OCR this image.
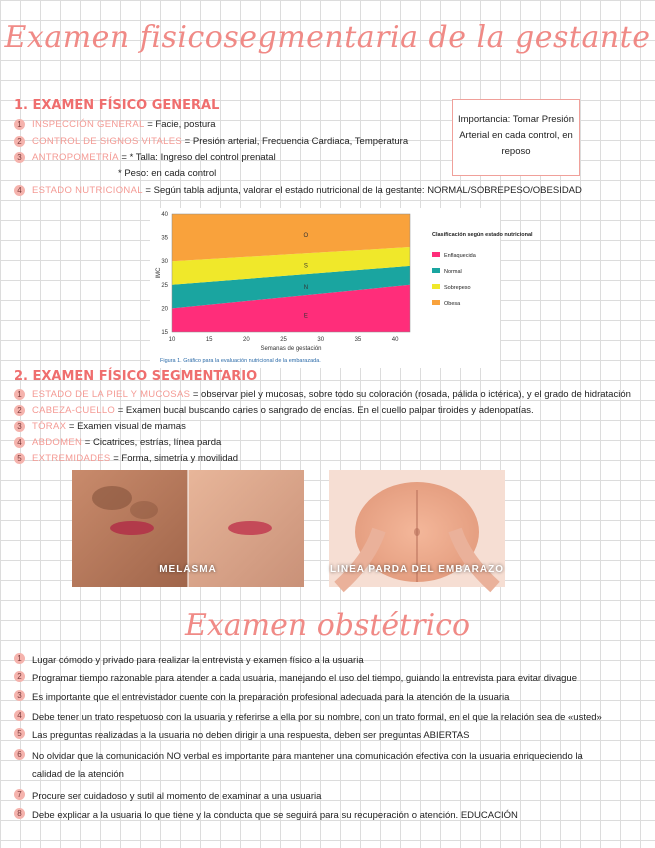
Examen fisicosegmentaria de la gestante
1. EXAMEN FÍSICO GENERAL
1	INSPECCIÓN GENERAL = Facie, postura
2	CONTROL DE SIGNOS VITALES = Presión arterial, Frecuencia Cardiaca, Temperatura
3	ANTROPOMETRÍA = * Talla: Ingreso del control prenatal
* Peso: en cada control
4	ESTADO NUTRICIONAL = Según tabla adjunta, valorar el estado nutricional de la gestante: NORMAL/SOBREPESO/OBESIDAD
Importancia: Tomar Presión Arterial en cada control, en reposo
E
N
S
O
10	15	20	25	30	35	40
15
20
25
30
35
40
Semanas de gestación
IMC
Figura 1. Gráfico para la evaluación nutricional de la embarazada.
Clasificación según estado nutricional
Enflaquecida
Normal
Sobrepeso
Obesa
2. EXAMEN FÍSICO SEGMENTARIO
1	ESTADO DE LA PIEL Y MUCOSAS = observar piel y mucosas, sobre todo su coloración (rosada, pálida o ictérica), y el grado de hidratación
2	CABEZA-CUELLO = Examen bucal buscando caries o sangrado de encías. En el cuello palpar tiroides y adenopatías.
3	TÓRAX = Examen visual de mamas
4	ABDOMEN = Cicatrices, estrías, línea parda
5	EXTREMIDADES = Forma, simetría y movilidad
MELASMA	LINEA PARDA DEL EMBARAZO
Examen obstétrico
1	Lugar cómodo y privado para realizar la entrevista y examen físico a la usuaria
2	Programar tiempo razonable para atender a cada usuaria, manejando el uso del tiempo, guiando la entrevista para evitar divague
3	Es importante que el entrevistador cuente con la preparación profesional adecuada para la atención de la usuaria
4	Debe tener un trato respetuoso con la usuaria y referirse a ella por su nombre, con un trato formal, en el que la relación sea de «usted»
5	Las preguntas realizadas a la usuaria no deben dirigir a una respuesta, deben ser preguntas ABIERTAS
6	No olvidar que la comunicación NO verbal es importante para mantener una comunicación efectiva con la usuaria enriqueciendo la calidad de la atención
7	Procure ser cuidadoso y sutil al momento de examinar a una usuaria
8	Debe explicar a la usuaria lo que tiene y la conducta que se seguirá para su recuperación o atención. EDUCACIÓN
